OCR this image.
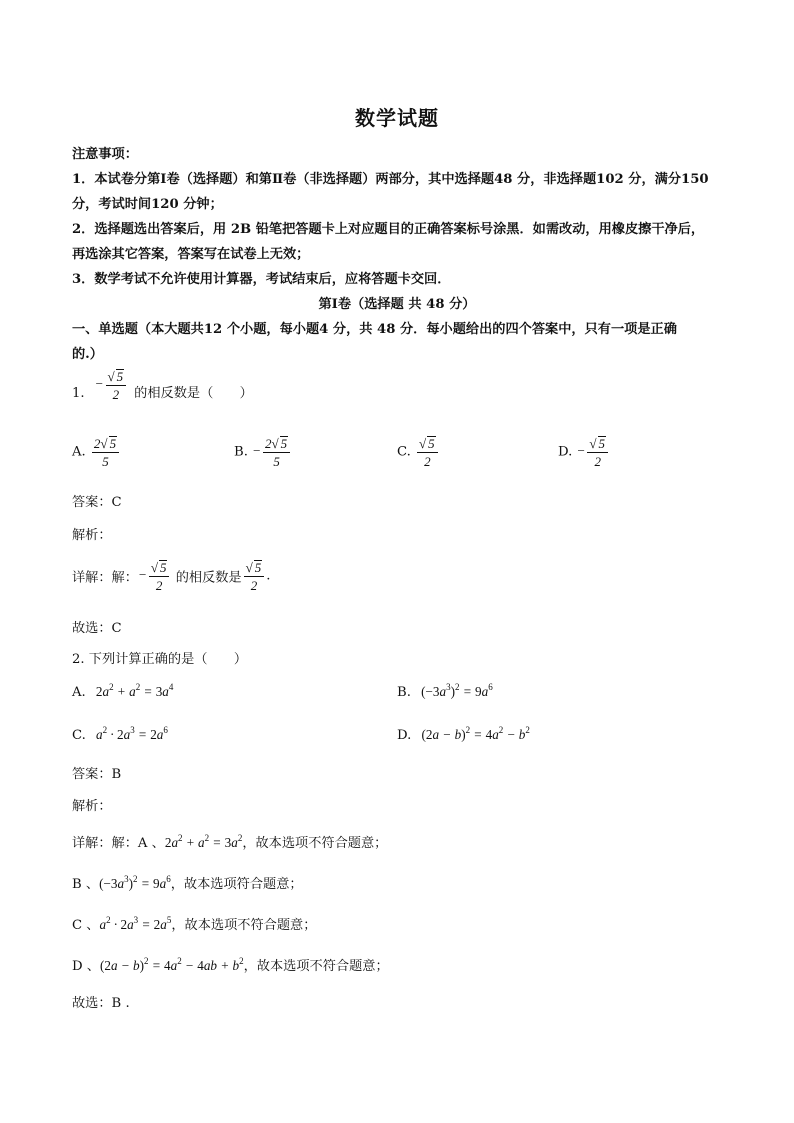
数学试题
注意事项：
1．本试卷分第Ⅰ卷（选择题）和第Ⅱ卷（非选择题）两部分，其中选择题48 分，非选择题102 分，满分150
分，考试时间120 分钟；
2．选择题选出答案后，用 2B 铅笔把答题卡上对应题目的正确答案标号涂黑．如需改动，用橡皮擦干净后，
再选涂其它答案，答案写在试卷上无效；
3．数学考试不允许使用计算器，考试结束后，应将答题卡交回．
第Ⅰ卷（选择题 共 48 分）
一、单选题（本大题共12 个小题，每小题4 分，共 48 分．每小题给出的四个答案中，只有一项是正确
的.）
$1.- \frac{√ 5}{2}$ 的相反数是（　　）
A. $\frac{2√ 5}{5}$	B. − $\frac{2√ 5}{5}$	C. $\frac{√ 5}{2}$	D. − $\frac{√ 5}{2}$
答案：C
解析：
详解：解：− $\frac{√ 5}{2}$ 的相反数是 $\frac{√ 5}{2}$ .
故选：C
2. 下列计算正确的是（　　）
A. $2a^2 + a^2 = 3a^4$	B. $(-3a^3)^2 = 9a^6$
C. $a^2 \cdot 2a^3 = 2a^6$	D. $(2a - b)^2 = 4a^2 - b^2$
答案：B
解析：
详解：解：A 、$2a^2 + a^2 = 3a^2$，故本选项不符合题意；
B 、$(-3a^3)^2 = 9a^6$，故本选项符合题意；
C 、$a^2 \cdot 2a^3 = 2a^5$，故本选项不符合题意；
D 、$(2a - b)^2 = 4a^2 - 4ab + b^2$，故本选项不符合题意；
故选：B .
